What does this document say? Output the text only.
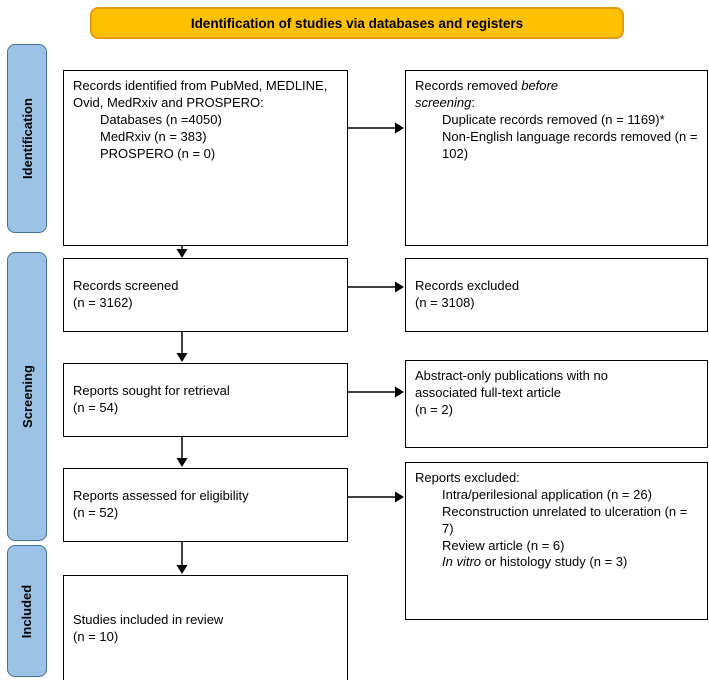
Identification of studies via databases and registers
Identification
Screening
Included
Records identified from PubMed, MEDLINE, Ovid, MedRxiv and PROSPERO:
Databases (n =4050)
MedRxiv (n = 383)
PROSPERO (n = 0)
Records screened
(n = 3162)
Reports sought for retrieval
(n = 54)
Reports assessed for eligibility
(n = 52)
Studies included in review
(n = 10)
Records removed before screening:
Duplicate records removed (n = 1169)*
Non-English language records removed (n = 102)
Records excluded
(n = 3108)
Abstract-only publications with no
associated full-text article
(n = 2)
Reports excluded:
Intra/perilesional application (n = 26)
Reconstruction unrelated to ulceration (n = 7)
Review article (n = 6)
In vitro or histology study (n = 3)
